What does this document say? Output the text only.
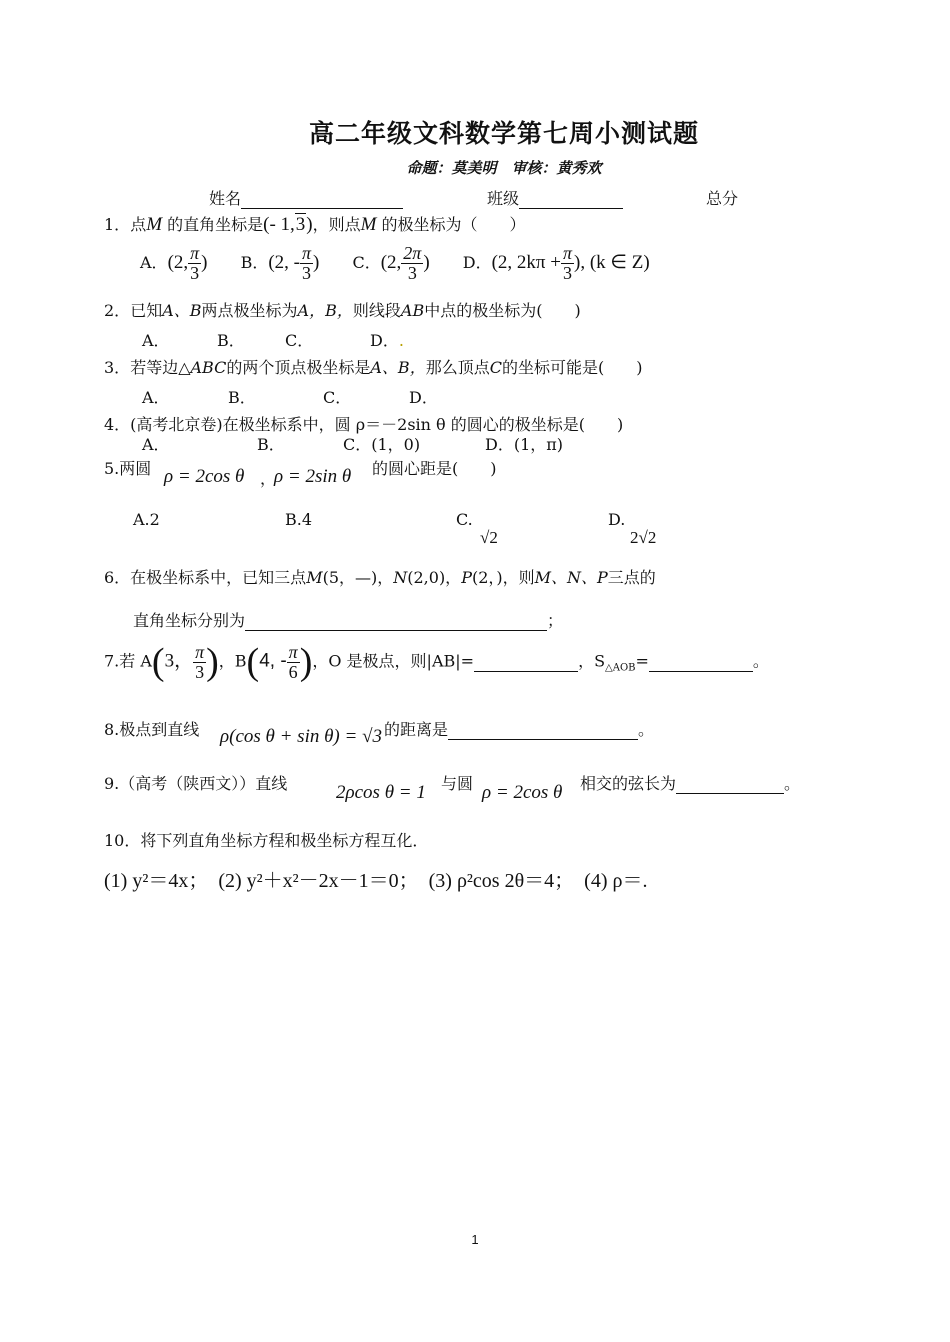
高二年级文科数学第七周小测试题
命题：莫美明　审核：黄秀欢
姓名	班级	总分
1．点M 的直角坐标是(- 1,3)，则点M 的极坐标为（　　）
A．(2, $\frac{\pi}{3}$ ) B．(2, - $\frac{\pi}{3}$ ) C．(2, $\frac{2\pi}{3}$ ) D．(2, $2k\pi + \frac{\pi}{3}$ ), (k ∈ Z)
2．已知A、B两点极坐标为A，B，则线段AB中点的极坐标为(　　)
A．	B．	C．	D．.
3．若等边△ABC的两个顶点极坐标是A、B，那么顶点C的坐标可能是(　　)
A．	B．	C．	D．
4．(高考北京卷)在极坐标系中，圆 ρ＝－2sin θ 的圆心的极坐标是(　　)
A．	B．	C．(1，0)	D．(1，π)
5.两圆 ρ = 2cos θ ，
ρ = 2sin θ 的圆心距是(　　)
A.2	B.4	C.
√2
D.
2√2
6．在极坐标系中，已知三点M(5，—)，N(2,0)，P(2，)，则M、N、P三点的
直角坐标分别为	；
7.若 A(3， $\frac{\pi}{3}$ )，B(4, - $\frac{\pi}{6}$ )，O 是极点，则|AB|=	，$S_{\triangle AOB}=$	。
8.极点到直线 ρ(cos θ + sin θ) = √3 的距离是	。
9.（高考（陕西文））直线	2ρcos θ = 1 与圆 ρ = 2cos θ 相交的弦长为	。
10．将下列直角坐标方程和极坐标方程互化．
(1) y²＝4x；　(2) y²＋x²－2x－1＝0；　(3) ρ²cos 2θ＝4；　(4) ρ＝.
1
